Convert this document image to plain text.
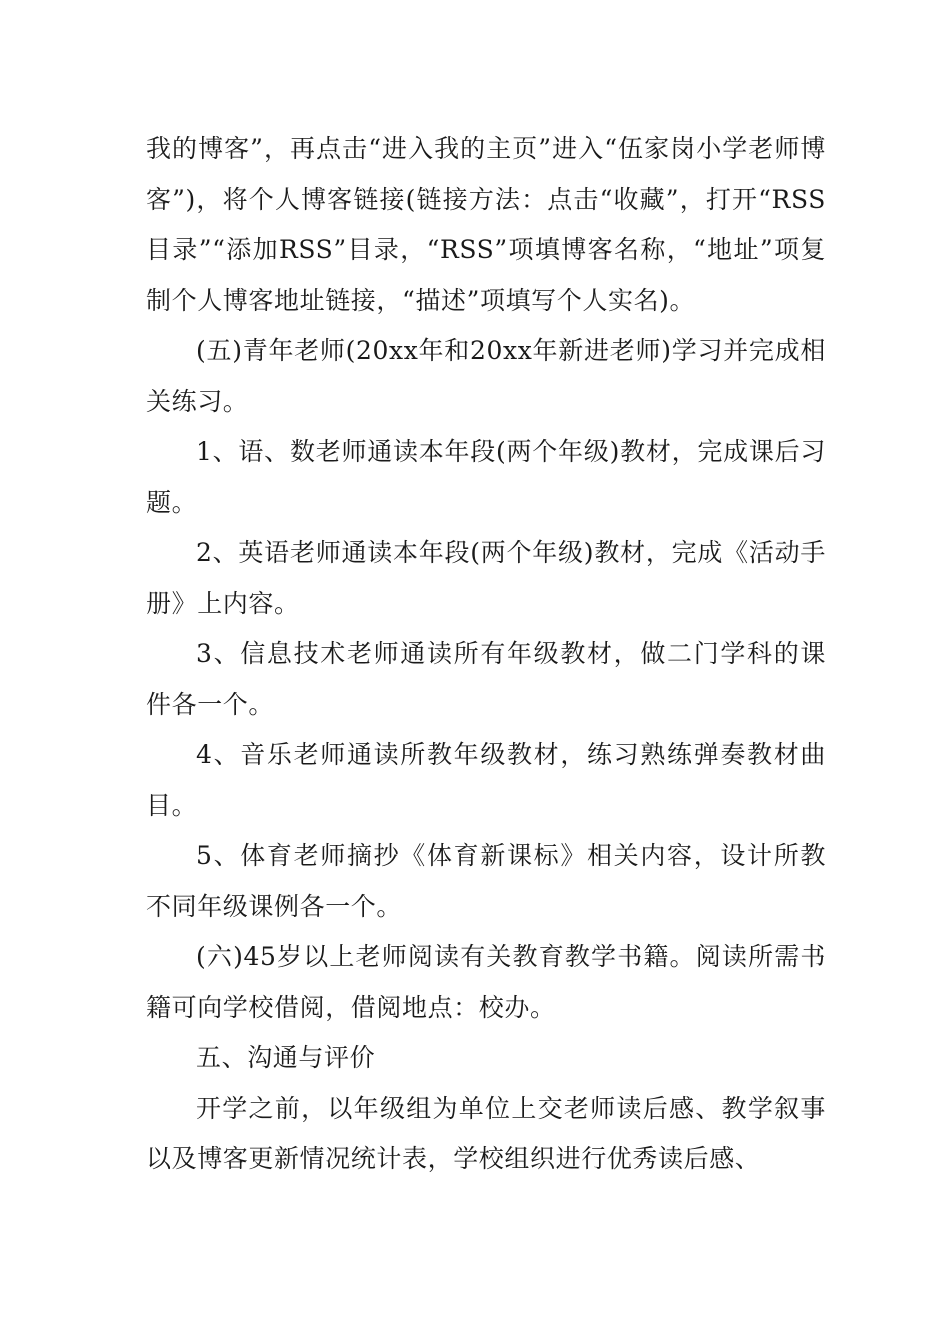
我的博客”，再点击“进入我的主页”进入“伍家岗小学老师博客”)，将个人博客链接(链接方法：点击“收藏”，打开“RSS目录”“添加RSS”目录，“RSS”项填博客名称，“地址”项复制个人博客地址链接，“描述”项填写个人实名)。

(五)青年老师(20xx年和20xx年新进老师)学习并完成相关练习。

1、语、数老师通读本年段(两个年级)教材，完成课后习题。

2、英语老师通读本年段(两个年级)教材，完成《活动手册》上内容。

3、信息技术老师通读所有年级教材，做二门学科的课件各一个。

4、音乐老师通读所教年级教材，练习熟练弹奏教材曲目。

5、体育老师摘抄《体育新课标》相关内容，设计所教不同年级课例各一个。

(六)45岁以上老师阅读有关教育教学书籍。阅读所需书籍可向学校借阅，借阅地点：校办。

五、沟通与评价

开学之前，以年级组为单位上交老师读后感、教学叙事以及博客更新情况统计表，学校组织进行优秀读后感、
